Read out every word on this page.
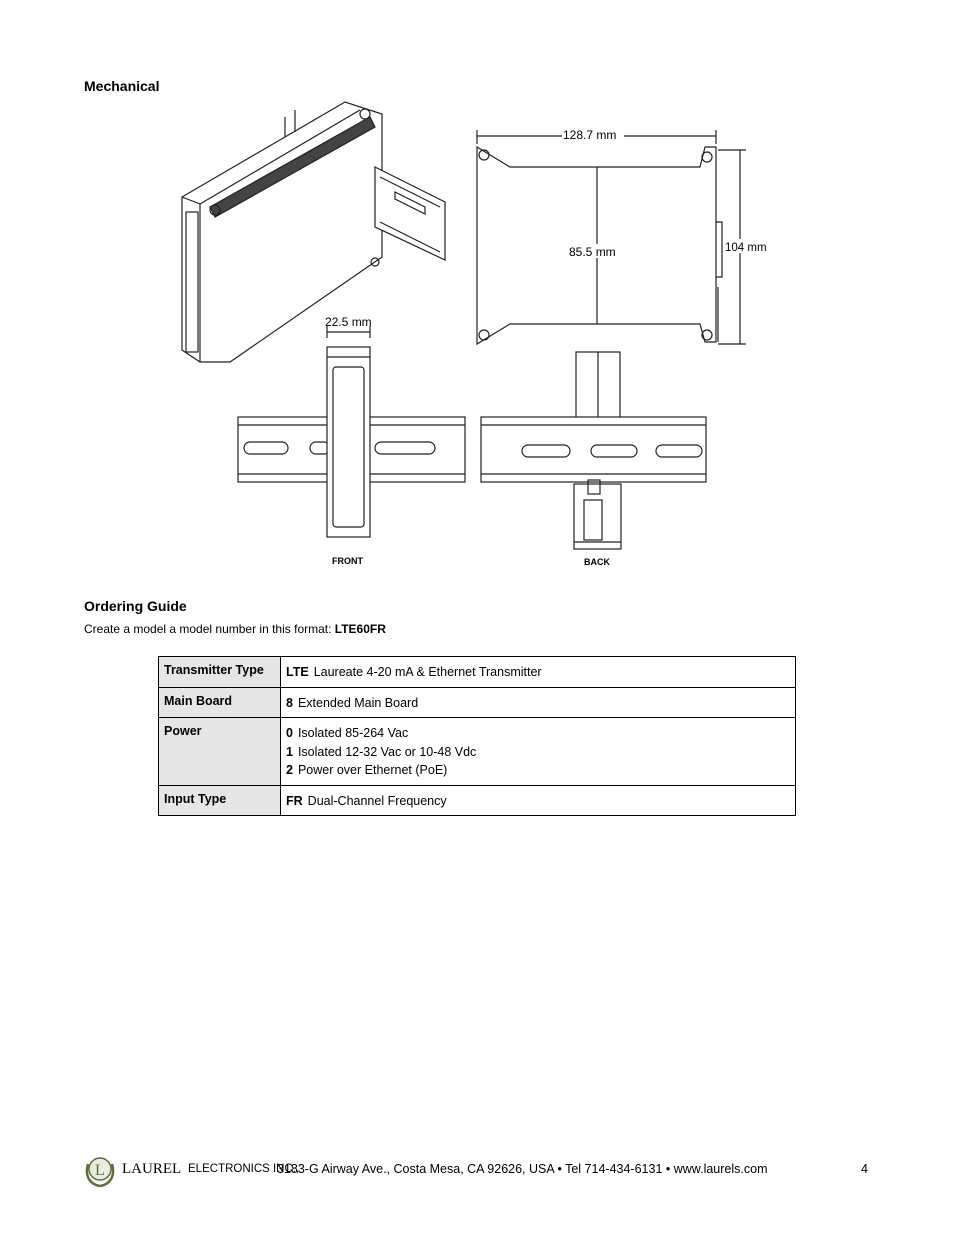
Mechanical
128.7 mm
85.5 mm	104 mm
22.5 mm
FRONT	BACK
Ordering Guide
Create a model a model number in this format: LTE60FR
Transmitter Type	LTE Laureate 4-20 mA & Ethernet Transmitter

Main Board	8 Extended Main Board

Power	0 Isolated 85-264 Vac
1 Isolated 12-32 Vac or 10-48 Vdc
2 Power over Ethernet (PoE)

Input Type	FR Dual-Channel Frequency
L LAUREL ELECTRONICS INC.,
3183-G Airway Ave., Costa Mesa, CA 92626, USA • Tel 714-434-6131 • www.laurels.com	4
